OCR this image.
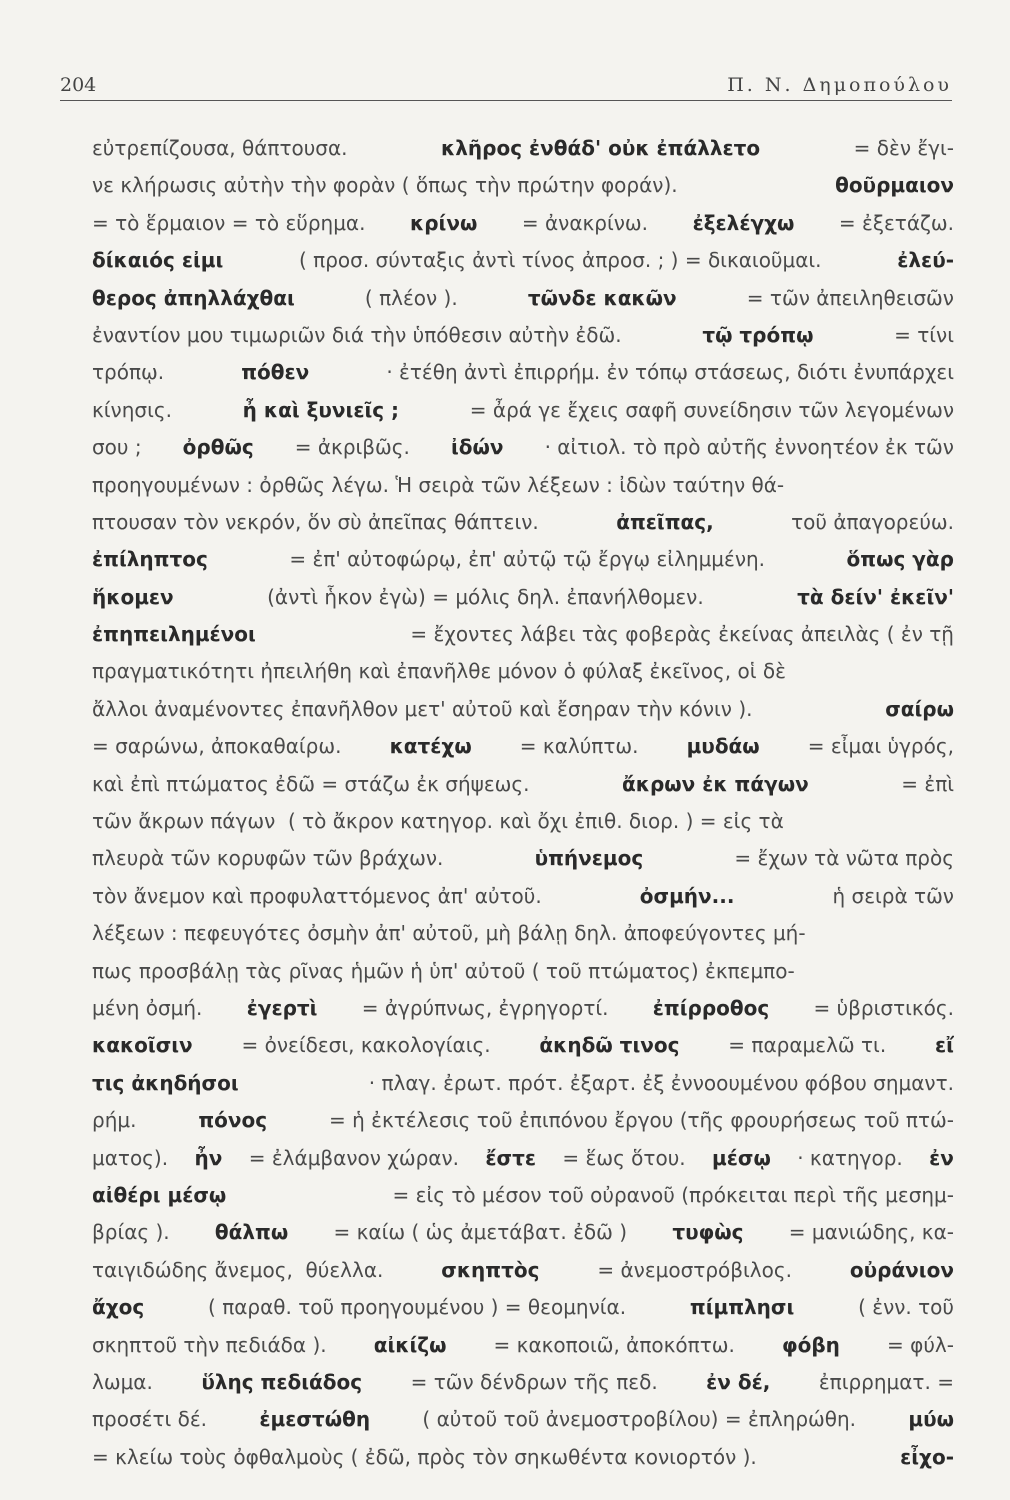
204	Π. Ν. Δημοπούλου
εὐτρεπίζουσα, θάπτουσα.	κλῆρος ἐνθάδ' οὐκ ἐπάλλετο	= δὲν ἔγι-
νε κλήρωσις αὐτὴν τὴν φορὰν ( ὅπως τὴν πρώτην φοράν).	θοῦρμαιον
= τὸ ἕρμαιον = τὸ εὕρημα. κρίνω = ἀνακρίνω. ἐξελέγχω = ἐξετάζω.
δίκαιός εἰμι	( προσ. σύνταξις ἀντὶ τίνος ἀπροσ. ; ) = δικαιοῦμαι.	ἐλεύ-
θερος ἀπηλλάχθαι	( πλέον ).	τῶνδε κακῶν	= τῶν ἀπειληθεισῶν
ἐναντίον μου τιμωριῶν διά τὴν ὑπόθεσιν αὐτὴν ἐδῶ.	τῷ τρόπῳ	= τίνι
τρόπῳ.	πόθεν	· ἐτέθη ἀντὶ ἐπιρρήμ. ἐν τόπῳ στάσεως, διότι ἐνυπάρχει
κίνησις.	ἦ καὶ ξυνιεῖς ;	= ἆρά γε ἔχεις σαφῆ συνείδησιν τῶν λεγομένων
σου ; ὀρθῶς = ἀκριβῶς. ἰδών · αἰτιολ. τὸ πρὸ αὐτῆς ἐννοητέον ἐκ τῶν
προηγουμένων : ὀρθῶς λέγω. Ἡ σειρὰ τῶν λέξεων : ἰδὼν ταύτην θά-
πτουσαν τὸν νεκρόν, ὅν σὺ ἀπεῖπας θάπτειν.	ἀπεῖπας,	τοῦ ἀπαγορεύω.
ἐπίληπτος	= ἐπ' αὐτοφώρῳ, ἐπ' αὐτῷ τῷ ἔργῳ εἰλημμένη.	ὅπως γὰρ
ἥκομεν	(ἀντὶ ἧκον ἐγὼ) = μόλις δηλ. ἐπανήλθομεν.	τὰ δείν' ἐκεῖν'
ἐπηπειλημένοι	= ἔχοντες λάβει τὰς φοβερὰς ἐκείνας ἀπειλὰς ( ἐν τῇ
πραγματικότητι ἠπειλήθη καὶ ἐπανῆλθε μόνον ὁ φύλαξ ἐκεῖνος, οἱ δὲ
ἄλλοι ἀναμένοντες ἐπανῆλθον μετ' αὐτοῦ καὶ ἔσηραν τὴν κόνιν ).	σαίρω
= σαρώνω, ἀποκαθαίρω. κατέχω = καλύπτω. μυδάω = εἶμαι ὑγρός,
καὶ ἐπὶ πτώματος ἐδῶ = στάζω ἐκ σήψεως.	ἄκρων ἐκ πάγων	= ἐπὶ
τῶν ἄκρων πάγων  ( τὸ ἄκρον κατηγορ. καὶ ὄχι ἐπιθ. διορ. ) = εἰς τὰ
πλευρὰ τῶν κορυφῶν τῶν βράχων.	ὑπήνεμος	= ἔχων τὰ νῶτα πρὸς
τὸν ἄνεμον καὶ προφυλαττόμενος ἀπ' αὐτοῦ.	ὀσμήν...	ἡ σειρὰ τῶν
λέξεων : πεφευγότες ὀσμὴν ἀπ' αὐτοῦ, μὴ βάλῃ δηλ. ἀποφεύγοντες μή-
πως προσβάλῃ τὰς ρῖνας ἡμῶν ἡ ὑπ' αὐτοῦ ( τοῦ πτώματος) ἐκπεμπο-
μένη ὀσμή. ἐγερτὶ = ἀγρύπνως, ἐγρηγορτί. ἐπίρροθος = ὑβριστικός.
κακοῖσιν = ὀνείδεσι, κακολογίαις. ἀκηδῶ τινος = παραμελῶ τι. εἴ
τις ἀκηδήσοι	· πλαγ. ἐρωτ. πρότ. ἐξαρτ. ἐξ ἐννοουμένου φόβου σημαντ.
ρήμ.	πόνος	= ἡ ἐκτέλεσις τοῦ ἐπιπόνου ἔργου (τῆς φρουρήσεως τοῦ πτώ-
ματος). ἦν = ἐλάμβανον χώραν. ἔστε = ἕως ὅτου. μέσῳ · κατηγορ. ἐν
αἰθέρι μέσῳ	= εἰς τὸ μέσον τοῦ οὐρανοῦ (πρόκειται περὶ τῆς μεσημ-
βρίας ). θάλπω = καίω ( ὡς ἀμετάβατ. ἐδῶ ) τυφὼς = μανιώδης, κα-
ταιγιδώδης ἄνεμος,  θύελλα.	σκηπτὸς	= ἀνεμοστρόβιλος.	οὐράνιον
ἄχος	( παραθ. τοῦ προηγουμένου ) = θεομηνία.	πίμπλησι	( ἐνν. τοῦ
σκηπτοῦ τὴν πεδιάδα ). αἰκίζω = κακοποιῶ, ἀποκόπτω. φόβη = φύλ-
λωμα. ὕλης πεδιάδος = τῶν δένδρων τῆς πεδ. ἐν δέ, ἐπιρρηματ. =
προσέτι δέ. ἐμεστώθη ( αὐτοῦ τοῦ ἀνεμοστροβίλου) = ἐπληρώθη. μύω
= κλείω τοὺς ὀφθαλμοὺς ( ἐδῶ, πρὸς τὸν σηκωθέντα κονιορτόν ).	εἶχο-
